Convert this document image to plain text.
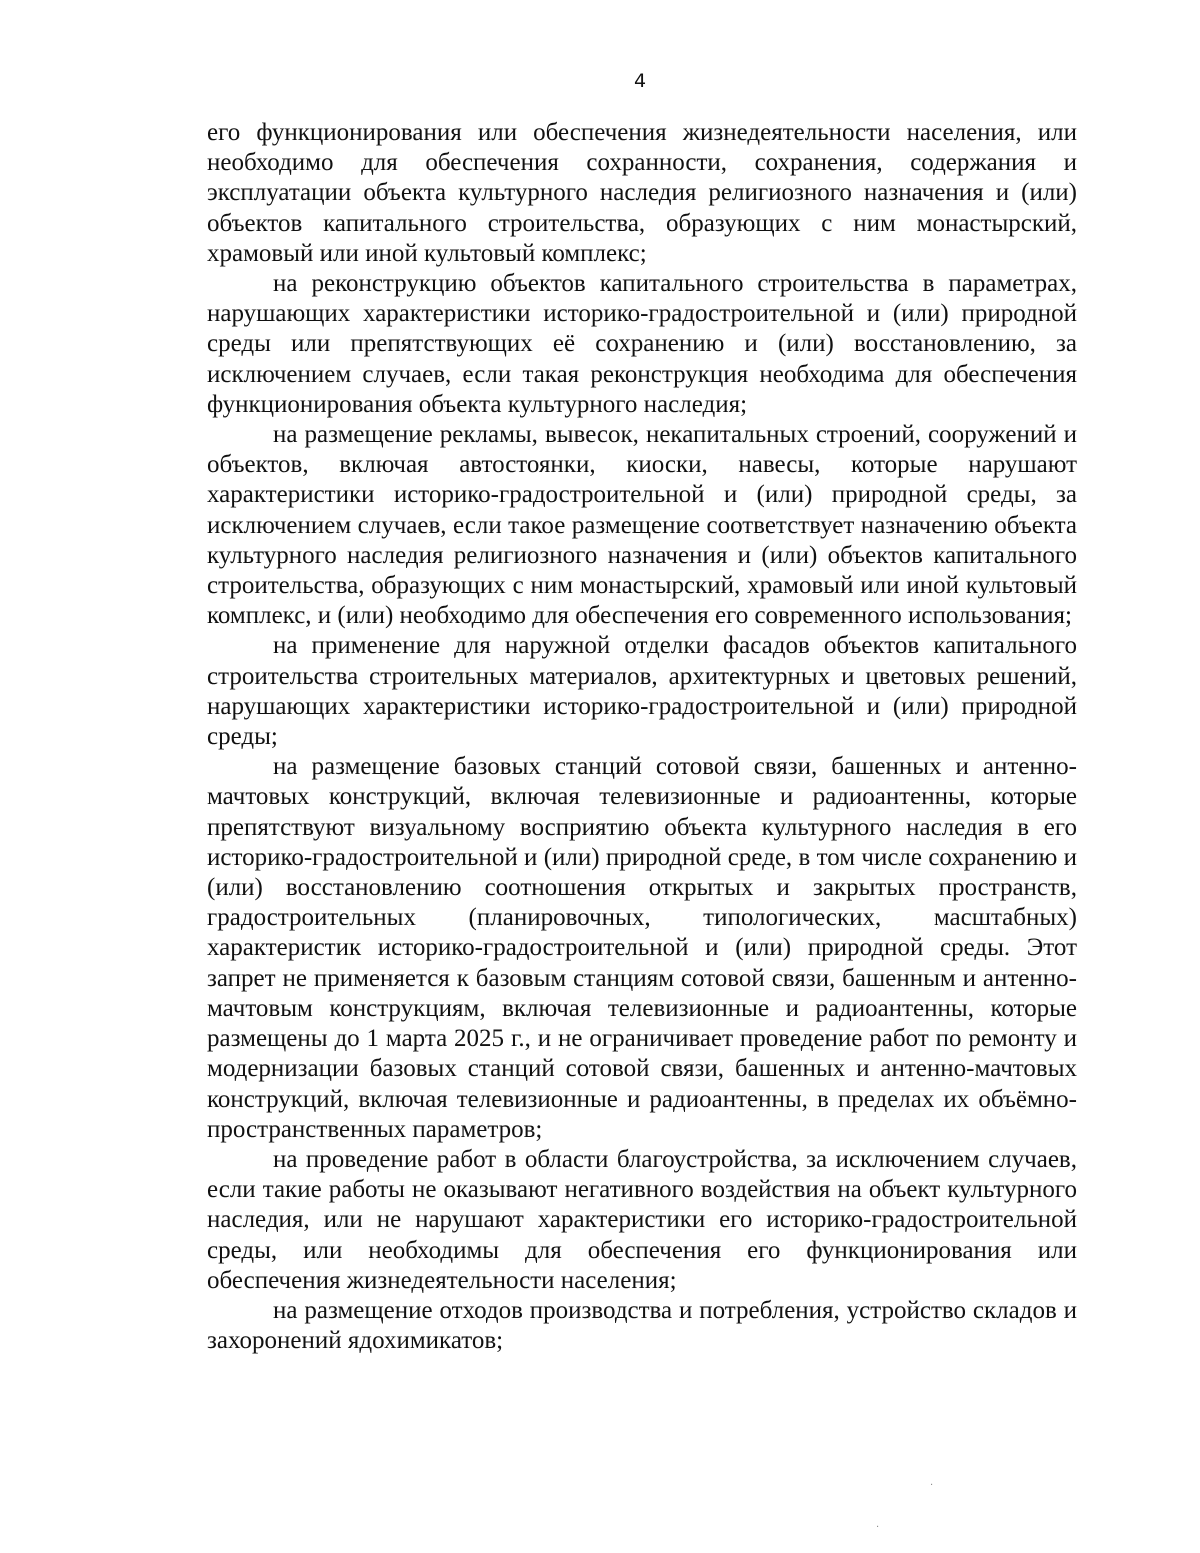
4

его функционирования или обеспечения жизнедеятельности населения, или необходимо для обеспечения сохранности, сохранения, содержания и эксплуатации объекта культурного наследия религиозного назначения и (или) объектов капитального строительства, образующих с ним монастырский, храмовый или иной культовый комплекс;

на реконструкцию объектов капитального строительства в параметрах, нарушающих характеристики историко-градостроительной и (или) природной среды или препятствующих её сохранению и (или) восстановлению, за исключением случаев, если такая реконструкция необходима для обеспечения функционирования объекта культурного наследия;

на размещение рекламы, вывесок, некапитальных строений, сооружений и объектов, включая автостоянки, киоски, навесы, которые нарушают характеристики историко-градостроительной и (или) природной среды, за исключением случаев, если такое размещение соответствует назначению объекта культурного наследия религиозного назначения и (или) объектов капитального строительства, образующих с ним монастырский, храмовый или иной культовый комплекс, и (или) необходимо для обеспечения его современного использования;

на применение для наружной отделки фасадов объектов капитального строительства строительных материалов, архитектурных и цветовых решений, нарушающих характеристики историко-градостроительной и (или) природной среды;

на размещение базовых станций сотовой связи, башенных и антенно-мачтовых конструкций, включая телевизионные и радиоантенны, которые препятствуют визуальному восприятию объекта культурного наследия в его историко-градостроительной и (или) природной среде, в том числе сохранению и (или) восстановлению соотношения открытых и закрытых пространств, градостроительных (планировочных, типологических, масштабных) характеристик историко-градостроительной и (или) природной среды. Этот запрет не применяется к базовым станциям сотовой связи, башенным и антенно-мачтовым конструкциям, включая телевизионные и радиоантенны, которые размещены до 1 марта 2025 г., и не ограничивает проведение работ по ремонту и модернизации базовых станций сотовой связи, башенных и антенно-мачтовых конструкций, включая телевизионные и радиоантенны, в пределах их объёмно-пространственных параметров;

на проведение работ в области благоустройства, за исключением случаев, если такие работы не оказывают негативного воздействия на объект культурного наследия, или не нарушают характеристики его историко-градостроительной среды, или необходимы для обеспечения его функционирования или обеспечения жизнедеятельности населения;

на размещение отходов производства и потребления, устройство складов и захоронений ядохимикатов;

·
·
